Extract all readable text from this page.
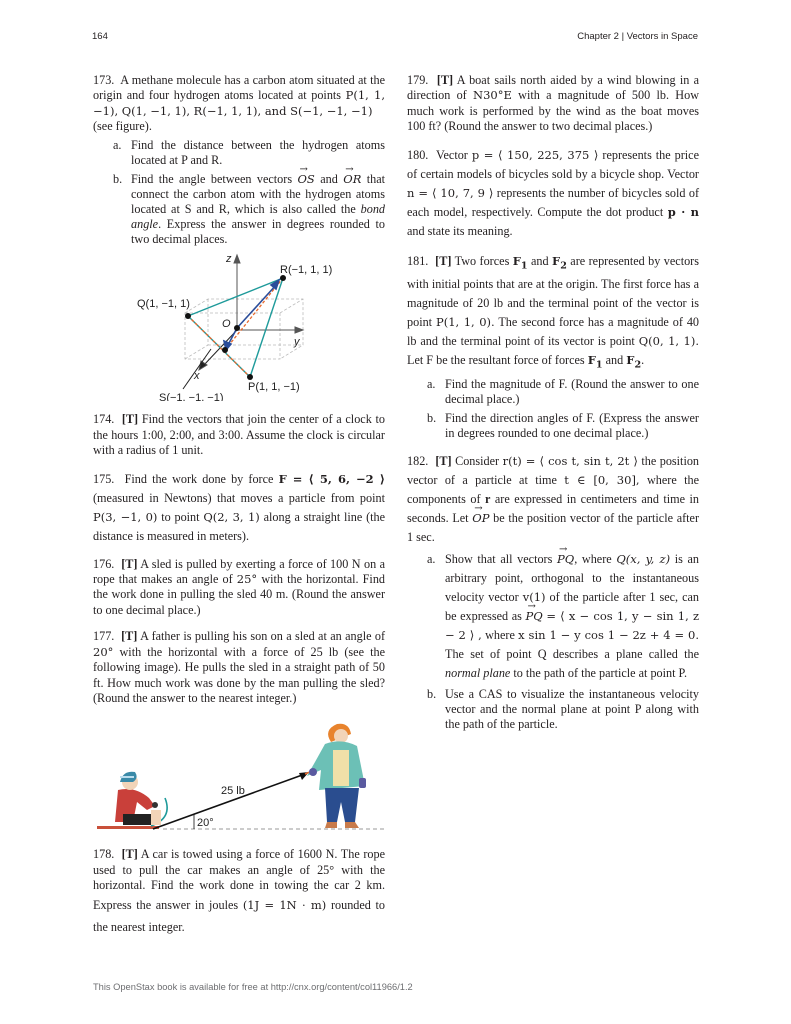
164	Chapter 2 | Vectors in Space

173. A methane molecule has a carbon atom situated at the origin and four hydrogen atoms located at points P(1, 1, −1), Q(1, −1, 1), R(−1, 1, 1), and S(−1, −1, −1)

(see figure).

a. Find the distance between the hydrogen atoms located at P and R.
b. Find the angle between vectors → OS and → OR that connect the carbon atom with the hydrogen atoms located at S and R, which is also called the bond angle. Express the answer in degrees rounded to two decimal places.
z
y
x
O
R(−1, 1, 1)
Q(1, −1, 1)
P(1, 1, −1)
S(−1, −1, −1)

174. [T] Find the vectors that join the center of a clock to the hours 1:00, 2:00, and 3:00. Assume the clock is circular with a radius of 1 unit.

175. Find the work done by force F = ⟨ 5, 6, −2 ⟩ (measured in Newtons) that moves a particle from point P(3, −1, 0) to point Q(2, 3, 1) along a straight line (the distance is measured in meters).

176. [T] A sled is pulled by exerting a force of 100 N on a rope that makes an angle of 25° with the horizontal. Find the work done in pulling the sled 40 m. (Round the answer to one decimal place.)

177. [T] A father is pulling his son on a sled at an angle of 20° with the horizontal with a force of 25 lb (see the following image). He pulls the sled in a straight path of 50 ft. How much work was done by the man pulling the sled? (Round the answer to the nearest integer.)

20°
25 lb

178. [T] A car is towed using a force of 1600 N. The rope used to pull the car makes an angle of 25° with the horizontal. Find the work done in towing the car 2 km. Express the answer in joules (1J = 1N · m) rounded to the nearest integer.

179. [T] A boat sails north aided by a wind blowing in a direction of N30°E with a magnitude of 500 lb. How much work is performed by the wind as the boat moves 100 ft? (Round the answer to two decimal places.)

180. Vector p = ⟨ 150, 225, 375 ⟩ represents the price of certain models of bicycles sold by a bicycle shop. Vector n = ⟨ 10, 7, 9 ⟩ represents the number of bicycles sold of each model, respectively. Compute the dot product p · n and state its meaning.

181. [T] Two forces $F_1$ and $F_2$ are represented by vectors with initial points that are at the origin. The first force has a magnitude of 20 lb and the terminal point of the vector is point P(1, 1, 0). The second force has a magnitude of 40 lb and the terminal point of its vector is point Q(0, 1, 1). Let F be the resultant force of forces $F_1$ and $F_2$.

a. Find the magnitude of F. (Round the answer to one decimal place.)
b. Find the direction angles of F. (Express the answer in degrees rounded to one decimal place.)

182. [T] Consider r(t) = ⟨ cos t, sin t, 2t ⟩ the position vector of a particle at time t ∈ [0, 30], where the components of r are expressed in centimeters and time in seconds. Let → OP be the position vector of the particle after 1 sec.

a. Show that all vectors → PQ, where Q(x, y, z) is an arbitrary point, orthogonal to the instantaneous velocity vector v(1) of the particle after 1 sec, can be expressed as → PQ = ⟨ x − cos 1, y − sin 1, z − 2 ⟩ , where x sin 1 − y cos 1 − 2z + 4 = 0. The set of point Q describes a plane called the normal plane to the path of the particle at point P.
b. Use a CAS to visualize the instantaneous velocity vector and the normal plane at point P along with the path of the particle.
This OpenStax book is available for free at http://cnx.org/content/col11966/1.2
